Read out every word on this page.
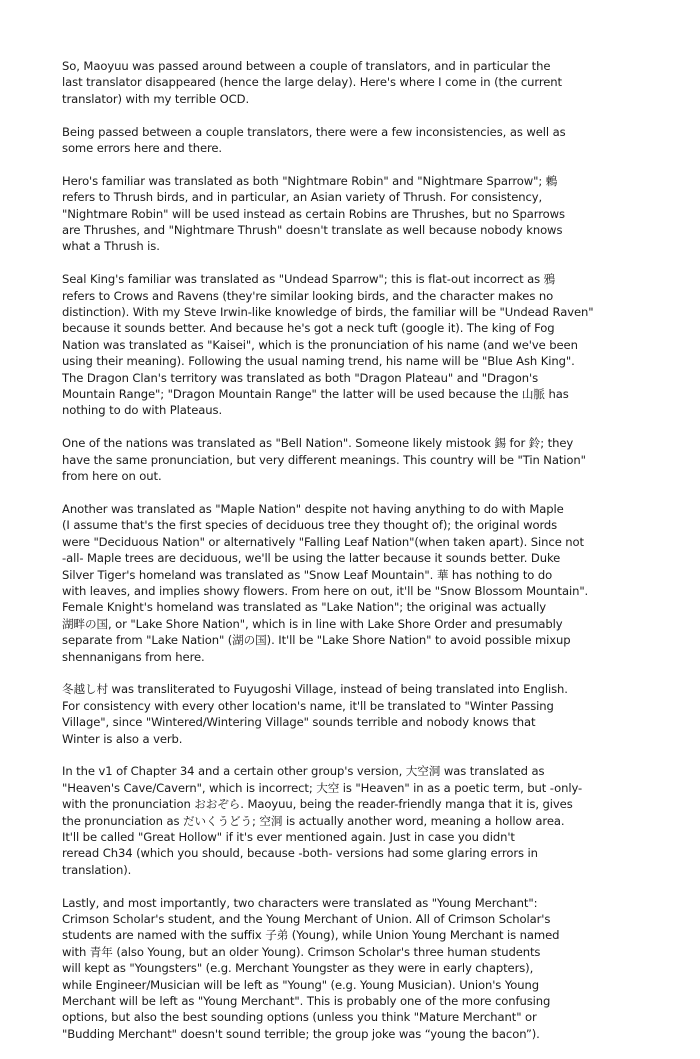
So, Maoyuu was passed around between a couple of translators, and in particular the
last translator disappeared (hence the large delay). Here's where I come in (the current
translator) with my terrible OCD.

Being passed between a couple translators, there were a few inconsistencies, as well as
some errors here and there.

Hero's familiar was translated as both "Nightmare Robin" and "Nightmare Sparrow"; 鶫
refers to Thrush birds, and in particular, an Asian variety of Thrush. For consistency,
"Nightmare Robin" will be used instead as certain Robins are Thrushes, but no Sparrows
are Thrushes, and "Nightmare Thrush" doesn't translate as well because nobody knows
what a Thrush is.

Seal King's familiar was translated as "Undead Sparrow"; this is flat-out incorrect as 鴉
refers to Crows and Ravens (they're similar looking birds, and the character makes no
distinction). With my Steve Irwin-like knowledge of birds, the familiar will be "Undead Raven"
because it sounds better. And because he's got a neck tuft (google it). The king of Fog
Nation was translated as "Kaisei", which is the pronunciation of his name (and we've been
using their meaning). Following the usual naming trend, his name will be "Blue Ash King".
The Dragon Clan's territory was translated as both "Dragon Plateau" and "Dragon's
Mountain Range"; "Dragon Mountain Range" the latter will be used because the 山脈 has
nothing to do with Plateaus.

One of the nations was translated as "Bell Nation". Someone likely mistook 錫 for 鈴; they
have the same pronunciation, but very different meanings. This country will be "Tin Nation"
from here on out.

Another was translated as "Maple Nation" despite not having anything to do with Maple
(I assume that's the first species of deciduous tree they thought of); the original words
were "Deciduous Nation" or alternatively "Falling Leaf Nation"(when taken apart). Since not
-all- Maple trees are deciduous, we'll be using the latter because it sounds better. Duke
Silver Tiger's homeland was translated as "Snow Leaf Mountain". 華 has nothing to do
with leaves, and implies showy flowers. From here on out, it'll be "Snow Blossom Mountain".
Female Knight's homeland was translated as "Lake Nation"; the original was actually
湖畔の国, or "Lake Shore Nation", which is in line with Lake Shore Order and presumably
separate from "Lake Nation" (湖の国). It'll be "Lake Shore Nation" to avoid possible mixup
shennanigans from here.

冬越し村 was transliterated to Fuyugoshi Village, instead of being translated into English.
For consistency with every other location's name, it'll be translated to "Winter Passing
Village", since "Wintered/Wintering Village" sounds terrible and nobody knows that
Winter is also a verb.

In the v1 of Chapter 34 and a certain other group's version, 大空洞 was translated as
"Heaven's Cave/Cavern", which is incorrect; 大空 is "Heaven" in as a poetic term, but -only-
with the pronunciation おおぞら. Maoyuu, being the reader-friendly manga that it is, gives
the pronunciation as だいくうどう; 空洞 is actually another word, meaning a hollow area.
It'll be called "Great Hollow" if it's ever mentioned again. Just in case you didn't
reread Ch34 (which you should, because -both- versions had some glaring errors in
translation).

Lastly, and most importantly, two characters were translated as "Young Merchant":
Crimson Scholar's student, and the Young Merchant of Union. All of Crimson Scholar's
students are named with the suffix 子弟 (Young), while Union Young Merchant is named
with 青年 (also Young, but an older Young). Crimson Scholar's three human students
will kept as "Youngsters" (e.g. Merchant Youngster as they were in early chapters),
while Engineer/Musician will be left as "Young" (e.g. Young Musician). Union's Young
Merchant will be left as "Young Merchant". This is probably one of the more confusing
options, but also the best sounding options (unless you think "Mature Merchant" or
"Budding Merchant" doesn't sound terrible; the group joke was “young the bacon”).
